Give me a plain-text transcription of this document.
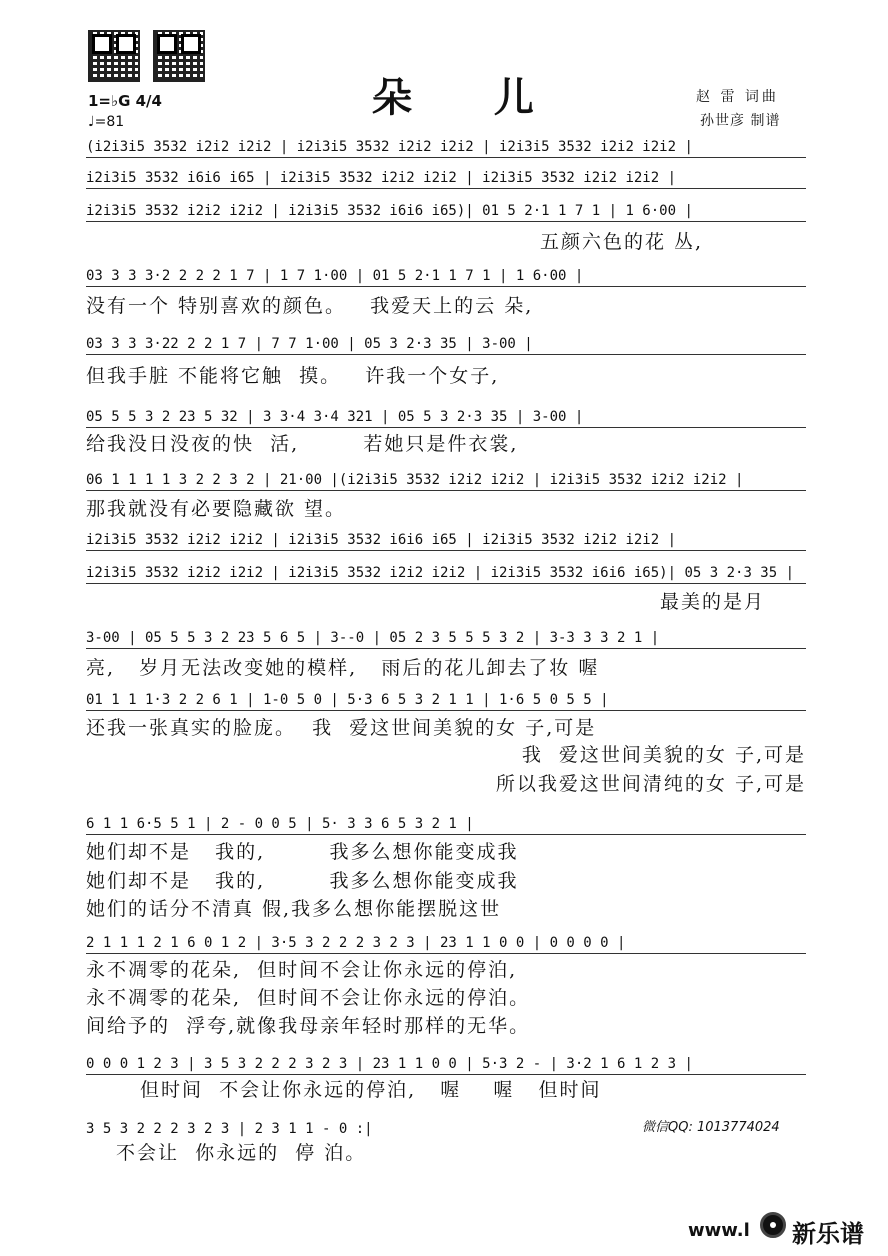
1=♭G 4/4
♩=81
朵 儿	赵 雷 词曲
孙世彦 制谱
(i2i3i5 3532 i2i2 i2i2 | i2i3i5 3532 i2i2 i2i2 | i2i3i5 3532 i2i2 i2i2 |
i2i3i5 3532 i6i6 i65 | i2i3i5 3532 i2i2 i2i2 | i2i3i5 3532 i2i2 i2i2 |
i2i3i5 3532 i2i2 i2i2 | i2i3i5 3532 i6i6 i65)| 01 5 2·1 1 7 1 | 1 6·00 |
五颜六色的花 丛,
03 3 3 3·2 2 2 2 1 7 | 1 7 1·00 | 01 5 2·1 1 7 1 | 1 6·00 |
没有一个 特别喜欢的颜色。   我爱天上的云 朵,
03 3 3 3·22 2 2 1 7 | 7 7 1·00 | 05 3 2·3 35 | 3-00 |
但我手脏 不能将它触  摸。   许我一个女子,
05 5 5 3 2 23 5 32 | 3 3·4 3·4 321 | 05 5 3 2·3 35 | 3-00 |
给我没日没夜的快  活,        若她只是件衣裳,
06 1 1 1 1 3 2 2 3 2 | 21·00 |(i2i3i5 3532 i2i2 i2i2 | i2i3i5 3532 i2i2 i2i2 |
那我就没有必要隐藏欲 望。
i2i3i5 3532 i2i2 i2i2 | i2i3i5 3532 i6i6 i65 | i2i3i5 3532 i2i2 i2i2 |
i2i3i5 3532 i2i2 i2i2 | i2i3i5 3532 i2i2 i2i2 | i2i3i5 3532 i6i6 i65)| 05 3 2·3 35 |
最美的是月
3-00 | 05 5 5 3 2 23 5 6 5 | 3--0 | 05 2 3 5 5 5 3 2 | 3-3 3 3 2 1 |
亮,   岁月无法改变她的模样,   雨后的花儿卸去了妆 喔
01 1 1 1·3 2 2 6 1 | 1-0 5 0 | 5·3 6 5 3 2 1 1 | 1·6 5 0 5 5 |
还我一张真实的脸庞。  我  爱这世间美貌的女 子,可是
我  爱这世间美貌的女 子,可是
所以我爱这世间清纯的女 子,可是
6 1 1 6·5 5 1 | 2 - 0 0 5 | 5· 3 3 6 5 3 2 1 |
她们却不是   我的,        我多么想你能变成我
她们却不是   我的,        我多么想你能变成我
她们的话分不清真 假,我多么想你能摆脱这世
2 1 1 1 2 1 6 0 1 2 | 3·5 3 2 2 2 3 2 3 | 23 1 1 0 0 | 0 0 0 0 |
永不凋零的花朵,  但时间不会让你永远的停泊,
永不凋零的花朵,  但时间不会让你永远的停泊。
间给予的  浮夸,就像我母亲年轻时那样的无华。
0 0 0 1 2 3 | 3 5 3 2 2 2 3 2 3 | 23 1 1 0 0 | 5·3 2 - | 3·2 1 6 1 2 3 |
但时间  不会让你永远的停泊,   喔    喔   但时间
3 5 3 2 2 2 3 2 3 | 2 3 1 1 - 0 :|
不会让  你永远的  停 泊。
微信QQ: 1013774024
www.l 新乐谱
